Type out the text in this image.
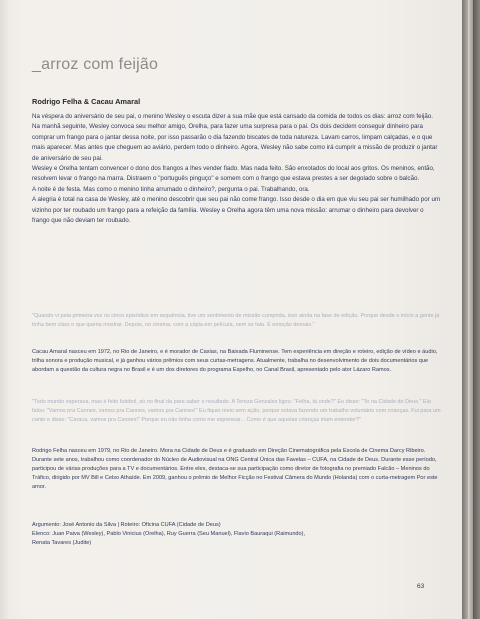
_arroz com feijão
Rodrigo Felha & Cacau Amaral

Na véspera do aniversário de seu pai, o menino Wesley o escuta dizer a sua mãe que está cansado da comida de todos os dias: arroz com feijão. Na manhã seguinte, Wesley convoca seu melhor amigo, Orelha, para fazer uma surpresa para o pai. Os dois decidem conseguir dinheiro para comprar um frango para o jantar dessa noite, por isso passarão o dia fazendo biscates de toda natureza. Lavam carros, limpam calçadas, e o que mais aparecer. Mas antes que cheguem ao aviário, perdem todo o dinheiro. Agora, Wesley não sabe como irá cumprir a missão de produzir o jantar de aniversário de seu pai.

Wesley e Orelha tentam convencer o dono dos frangos a lhes vender fiado. Mas nada feito. São enxotados do local aos gritos. Os meninos, então, resolvem levar o frango na marra. Distraem o "português pinguço" e somem com o frango que estava prestes a ser degolado sobre o balcão.

A noite é de festa. Mas como o menino tinha arrumado o dinheiro?, pergunta o pai. Trabalhando, ora.

A alegria é total na casa de Wesley, até o menino descobrir que seu pai não come frango. Isso desde o dia em que viu seu pai ser humilhado por um vizinho por ter roubado um frango para a refeição da família. Wesley e Orelha agora têm uma nova missão: arrumar o dinheiro para devolver o frango que não deviam ter roubado.

"Quando vi pela primeira vez os cinco episódios em sequência, tive um sentimento de missão cumprida, isso ainda na fase de edição. Porque desde o início a gente já tinha bem claro o que queria mostrar. Depois, no cinema, com a cópia em película, nem se fala. É emoção demais."
Cacau Amaral nasceu em 1972, no Rio de Janeiro, e é morador de Caxias, na Baixada Fluminense. Tem experiência em direção e roteiro, edição de vídeo e áudio, trilha sonora e produção musical, e já ganhou vários prêmios com seus curtas-metragens. Atualmente, trabalha no desenvolvimento de dois documentários que abordam a questão da cultura negra no Brasil e é um dos diretores do programa Espelho, no Canal Brasil, apresentado pelo ator Lázaro Ramos.
"Todo mundo esperava, mas é feito futebol, só no final da para saber o resultado. A Tereza Gonzalez ligou: "Felha, tá onde?" Eu disse: "To na Cidade de Deus." Ela falou: "Vamos pra Cannes, vamos pra Cannes, vamos pra Cannes!" Eu fiquei meio sem ação, porque estava fazendo um trabalho voluntário com crianças. Fui para um canto e disse: "Caraca, vamos pra Cannes!" Porque eu não tinha como me expressar... Como é que aquelas crianças iriam entender?"
Rodrigo Felha nasceu em 1979, no Rio de Janeiro. Mora na Cidade de Deus e é graduado em Direção Cinematográfica pela Escola de Cinema Darcy Ribeiro. Durante sete anos, trabalhou como coordenador do Núcleo de Audiovisual na ONG Central Única das Favelas – CUFA, na Cidade de Deus. Durante esse período, participou de várias produções para a TV e documentários. Entre eles, destaca-se sua participação como diretor de fotografia no premiado Falcão – Meninos do Tráfico, dirigido por MV Bill e Celso Athaíde. Em 2009, ganhou o prêmio de Melhor Ficção no Festival Câmera do Mundo (Holanda) com o curta-metragem Por este amor.

Argumento: José Antonio da Silva | Roteiro: Oficina CUFA (Cidade de Deus)

Elenco: Juan Paiva (Wesley), Pablo Vinicius (Orelha), Ruy Guerra (Seu Manuel), Flavio Bauraqui (Raimundo),

Renata Tavares (Judite)

63
